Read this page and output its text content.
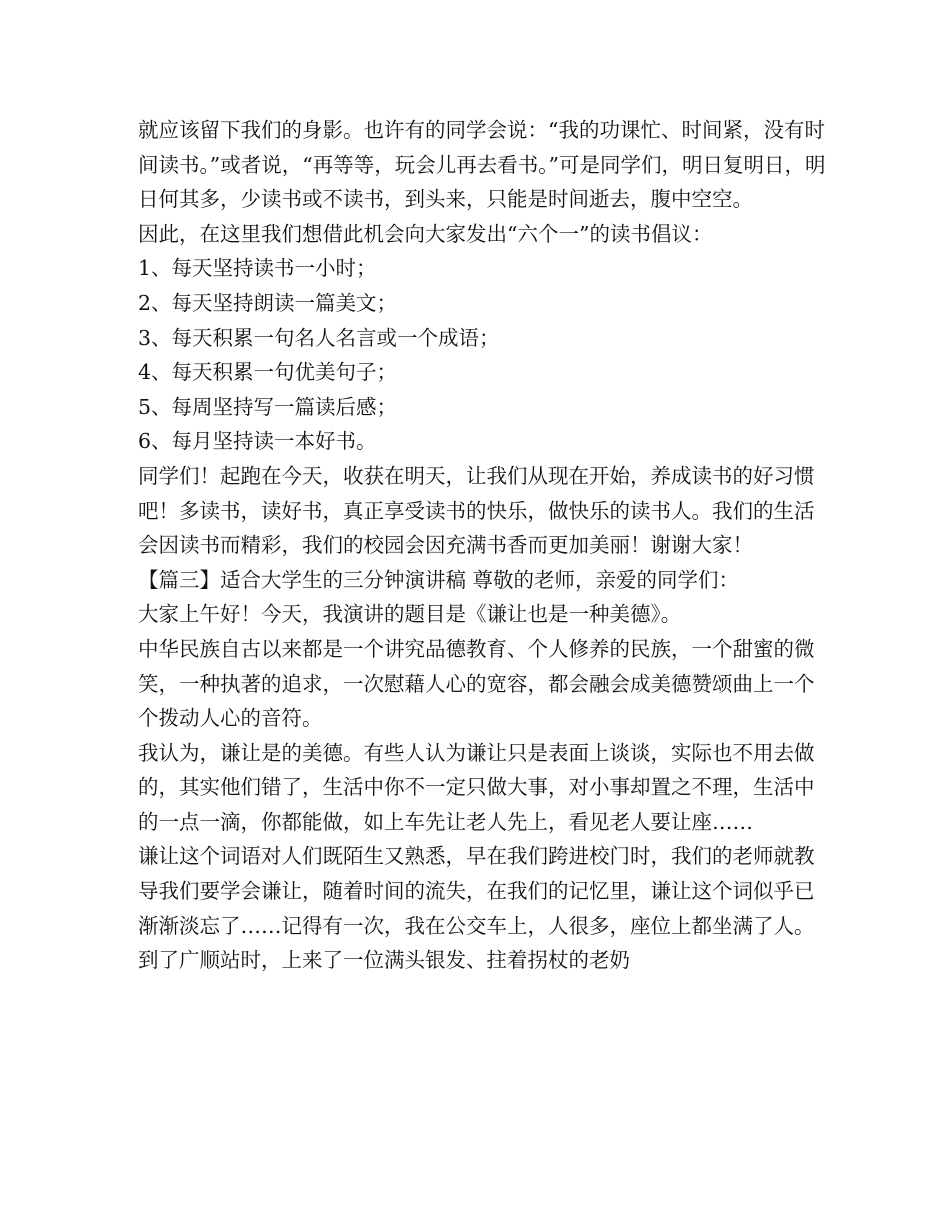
就应该留下我们的身影。也许有的同学会说：“我的功课忙、时间紧，没有时间读书。”或者说，“再等等，玩会儿再去看书。”可是同学们，明日复明日，明日何其多，少读书或不读书，到头来，只能是时间逝去，腹中空空。

因此，在这里我们想借此机会向大家发出“六个一”的读书倡议：

1、每天坚持读书一小时；

2、每天坚持朗读一篇美文；

3、每天积累一句名人名言或一个成语；

4、每天积累一句优美句子；

5、每周坚持写一篇读后感；

6、每月坚持读一本好书。

同学们！起跑在今天，收获在明天，让我们从现在开始，养成读书的好习惯吧！多读书，读好书，真正享受读书的快乐，做快乐的读书人。我们的生活会因读书而精彩，我们的校园会因充满书香而更加美丽！谢谢大家！

【篇三】适合大学生的三分钟演讲稿 尊敬的老师，亲爱的同学们：

大家上午好！今天，我演讲的题目是《谦让也是一种美德》。

中华民族自古以来都是一个讲究品德教育、个人修养的民族，一个甜蜜的微笑，一种执著的追求，一次慰藉人心的宽容，都会融会成美德赞颂曲上一个个拨动人心的音符。

我认为，谦让是的美德。有些人认为谦让只是表面上谈谈，实际也不用去做的，其实他们错了，生活中你不一定只做大事，对小事却置之不理，生活中的一点一滴，你都能做，如上车先让老人先上，看见老人要让座……

谦让这个词语对人们既陌生又熟悉，早在我们跨进校门时，我们的老师就教导我们要学会谦让，随着时间的流失，在我们的记忆里，谦让这个词似乎已渐渐淡忘了……记得有一次，我在公交车上，人很多，座位上都坐满了人。到了广顺站时，上来了一位满头银发、拄着拐杖的老奶
